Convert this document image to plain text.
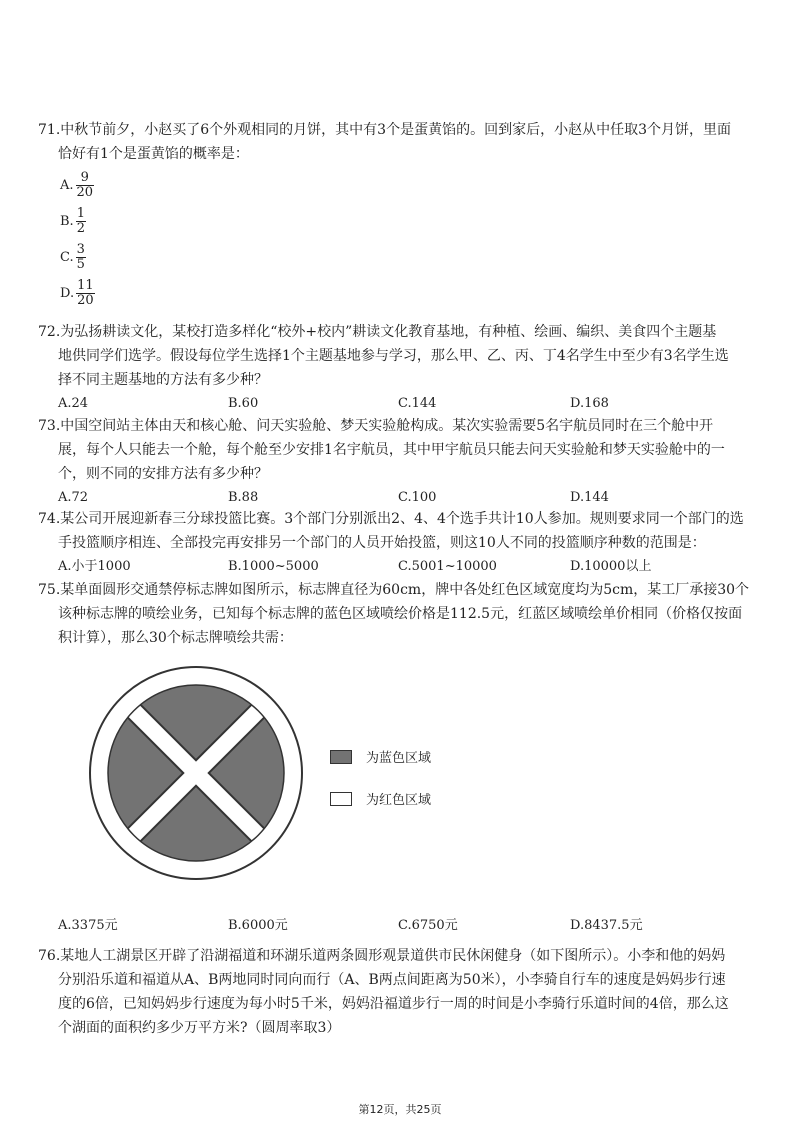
71.中秋节前夕，小赵买了6个外观相同的月饼，其中有3个是蛋黄馅的。回到家后，小赵从中任取3个月饼，里面

恰好有1个是蛋黄馅的概率是：

A. $\frac{9}{20}$
B. $\frac{1}{2}$
C. $\frac{3}{5}$
D. $\frac{11}{20}$

72.为弘扬耕读文化，某校打造多样化“校外+校内”耕读文化教育基地，有种植、绘画、编织、美食四个主题基

地供同学们选学。假设每位学生选择1个主题基地参与学习，那么甲、乙、丙、丁4名学生中至少有3名学生选

择不同主题基地的方法有多少种？

A.24	B.60	C.144	D.168

73.中国空间站主体由天和核心舱、问天实验舱、梦天实验舱构成。某次实验需要5名宇航员同时在三个舱中开

展，每个人只能去一个舱，每个舱至少安排1名宇航员，其中甲宇航员只能去问天实验舱和梦天实验舱中的一

个，则不同的安排方法有多少种？

A.72	B.88	C.100	D.144

74.某公司开展迎新春三分球投篮比赛。3个部门分别派出2、4、4个选手共计10人参加。规则要求同一个部门的选

手投篮顺序相连、全部投完再安排另一个部门的人员开始投篮，则这10人不同的投篮顺序种数的范围是：

A.小于1000	B.1000~5000	C.5001~10000	D.10000以上

75.某单面圆形交通禁停标志牌如图所示，标志牌直径为60cm，牌中各处红色区域宽度均为5cm，某工厂承接30个

该种标志牌的喷绘业务，已知每个标志牌的蓝色区域喷绘价格是112.5元，红蓝区域喷绘单价相同（价格仅按面

积计算），那么30个标志牌喷绘共需：

为蓝色区域
为红色区域
A.3375元	B.6000元	C.6750元	D.8437.5元

76.某地人工湖景区开辟了沿湖福道和环湖乐道两条圆形观景道供市民休闲健身（如下图所示）。小李和他的妈妈

分别沿乐道和福道从A、B两地同时同向而行（A、B两点间距离为50米），小李骑自行车的速度是妈妈步行速

度的6倍，已知妈妈步行速度为每小时5千米，妈妈沿福道步行一周的时间是小李骑行乐道时间的4倍，那么这

个湖面的面积约多少万平方米?（圆周率取3）

第12页，共25页
